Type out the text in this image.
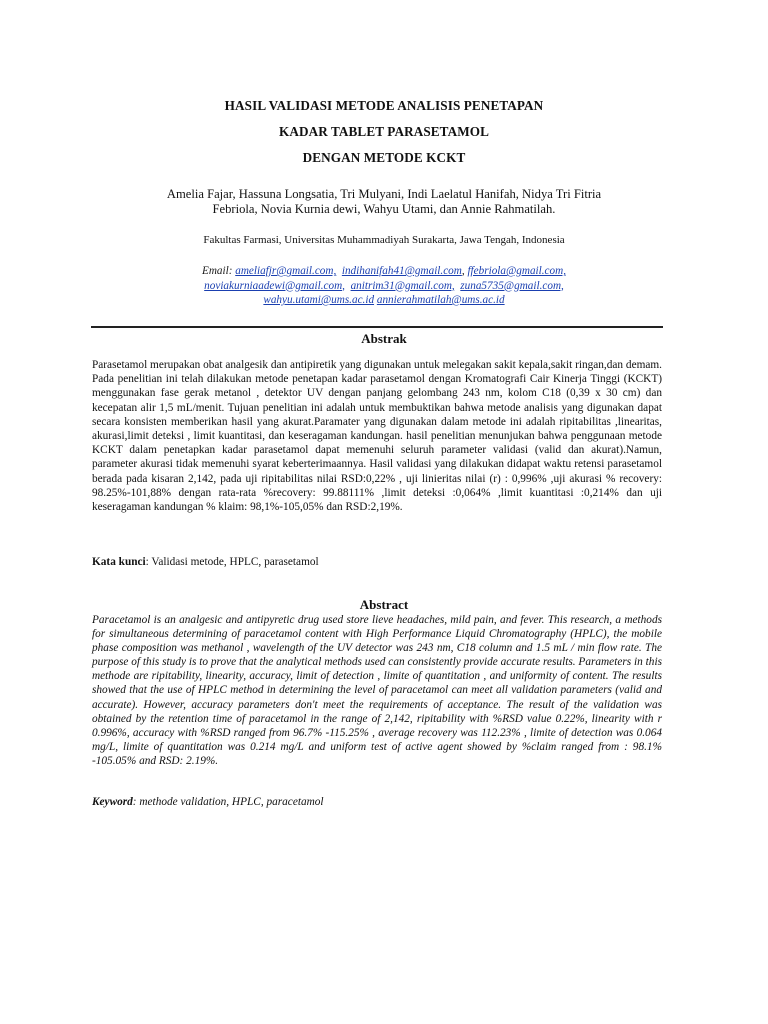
HASIL VALIDASI METODE ANALISIS PENETAPAN
KADAR TABLET PARASETAMOL
DENGAN METODE KCKT
Amelia Fajar, Hassuna Longsatia, Tri Mulyani, Indi Laelatul Hanifah, Nidya Tri Fitria
Febriola, Novia Kurnia dewi, Wahyu Utami, dan Annie Rahmatilah.
Fakultas Farmasi, Universitas Muhammadiyah Surakarta, Jawa Tengah, Indonesia
Email: ameliafjr@gmail.com, indihanifah41@gmail.com, ffebriola@gmail.com,
noviakurniaadewi@gmail.com, anitrim31@gmail.com, zuna5735@gmail.com,
wahyu.utami@ums.ac.id annierahmatilah@ums.ac.id
Abstrak
Parasetamol merupakan obat analgesik dan antipiretik yang digunakan untuk melegakan sakit kepala,sakit ringan,dan demam. Pada penelitian ini telah dilakukan metode penetapan kadar parasetamol dengan Kromatografi Cair Kinerja Tinggi (KCKT) menggunakan fase gerak metanol , detektor UV dengan panjang gelombang 243 nm, kolom C18 (0,39 x 30 cm) dan kecepatan alir 1,5 mL/menit. Tujuan penelitian ini adalah untuk membuktikan bahwa metode analisis yang digunakan dapat secara konsisten memberikan hasil yang akurat.Paramater yang digunakan dalam metode ini adalah ripitabilitas ,linearitas, akurasi,limit deteksi , limit kuantitasi, dan keseragaman kandungan. hasil penelitian menunjukan bahwa penggunaan metode KCKT dalam penetapkan kadar parasetamol dapat memenuhi seluruh parameter validasi (valid dan akurat).Namun, parameter akurasi tidak memenuhi syarat keberterimaannya. Hasil validasi yang dilakukan didapat waktu retensi parasetamol berada pada kisaran 2,142, pada uji ripitabilitas nilai RSD:0,22% , uji linieritas nilai (r) : 0,996% ,uji akurasi % recovery: 98.25%-101,88% dengan rata-rata %recovery: 99.88111% ,limit deteksi :0,064% ,limit kuantitasi :0,214% dan uji keseragaman kandungan % klaim: 98,1%-105,05% dan RSD:2,19%.
Kata kunci: Validasi metode, HPLC, parasetamol
Abstract
Paracetamol is an analgesic and antipyretic drug used store lieve headaches, mild pain, and fever. This research, a methods for simultaneous determining of paracetamol content with High Performance Liquid Chromatography (HPLC), the mobile phase composition was methanol , wavelength of the UV detector was 243 nm, C18 column and 1.5 mL / min flow rate. The purpose of this study is to prove that the analytical methods used can consistently provide accurate results. Parameters in this methode are ripitability, linearity, accuracy, limit of detection , limite of quantitation , and uniformity of content. The results showed that the use of HPLC method in determining the level of paracetamol can meet all validation parameters (valid and accurate). However, accuracy parameters don't meet the requirements of acceptance. The result of the validation was obtained by the retention time of paracetamol in the range of 2,142, ripitability with %RSD value 0.22%, linearity with r 0.996%, accuracy with %RSD ranged from 96.7% -115.25% , average recovery was 112.23% , limite of detection was 0.064 mg/L, limite of quantitation was 0.214 mg/L and uniform test of active agent showed by %claim ranged from : 98.1% -105.05% and RSD: 2.19%.
Keyword: methode validation, HPLC, paracetamol
